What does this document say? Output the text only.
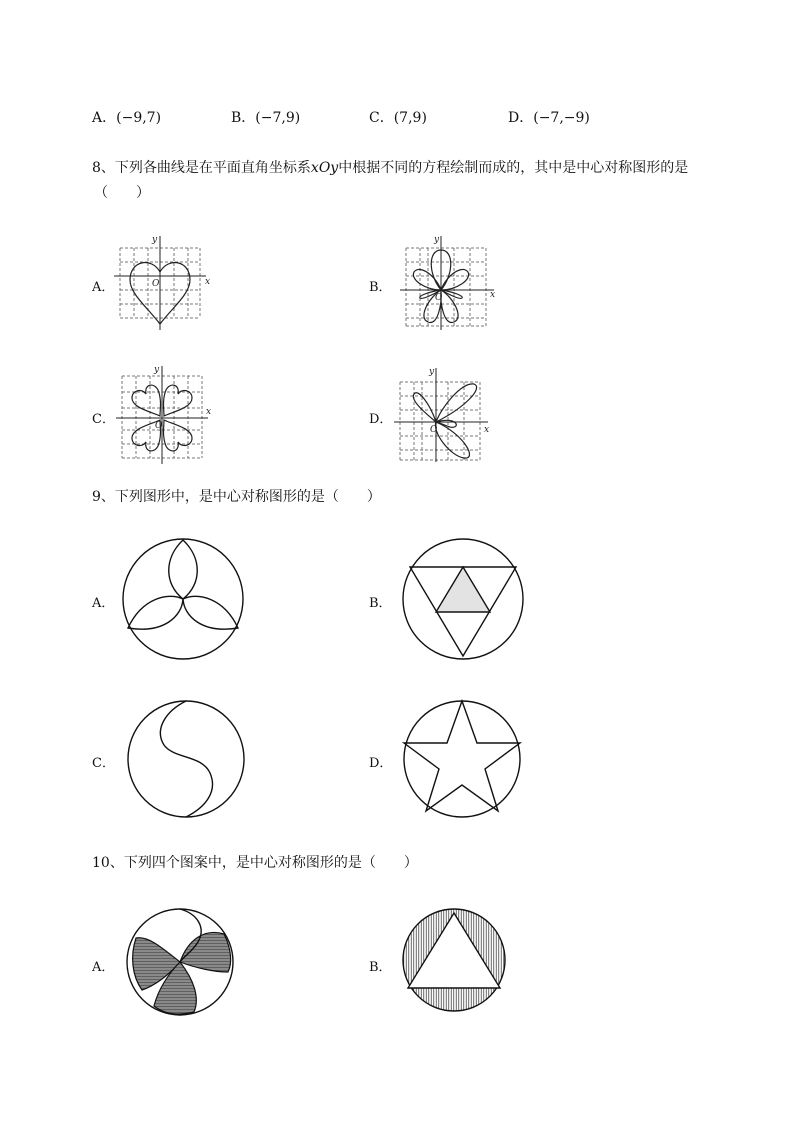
A．(−9,7)	B．(−7,9)	C．(7,9)	D．(−7,−9)
8、下列各曲线是在平面直角坐标系xOy中根据不同的方程绘制而成的，其中是中心对称图形的是
（　　）
A．	B．
C．	D．
y
x
O
y
x
O
y
x
O
y
x
O
9、下列图形中，是中心对称图形的是（　　）
A．	B．
C．	D．
10、下列四个图案中，是中心对称图形的是（　　）
A．	B．
